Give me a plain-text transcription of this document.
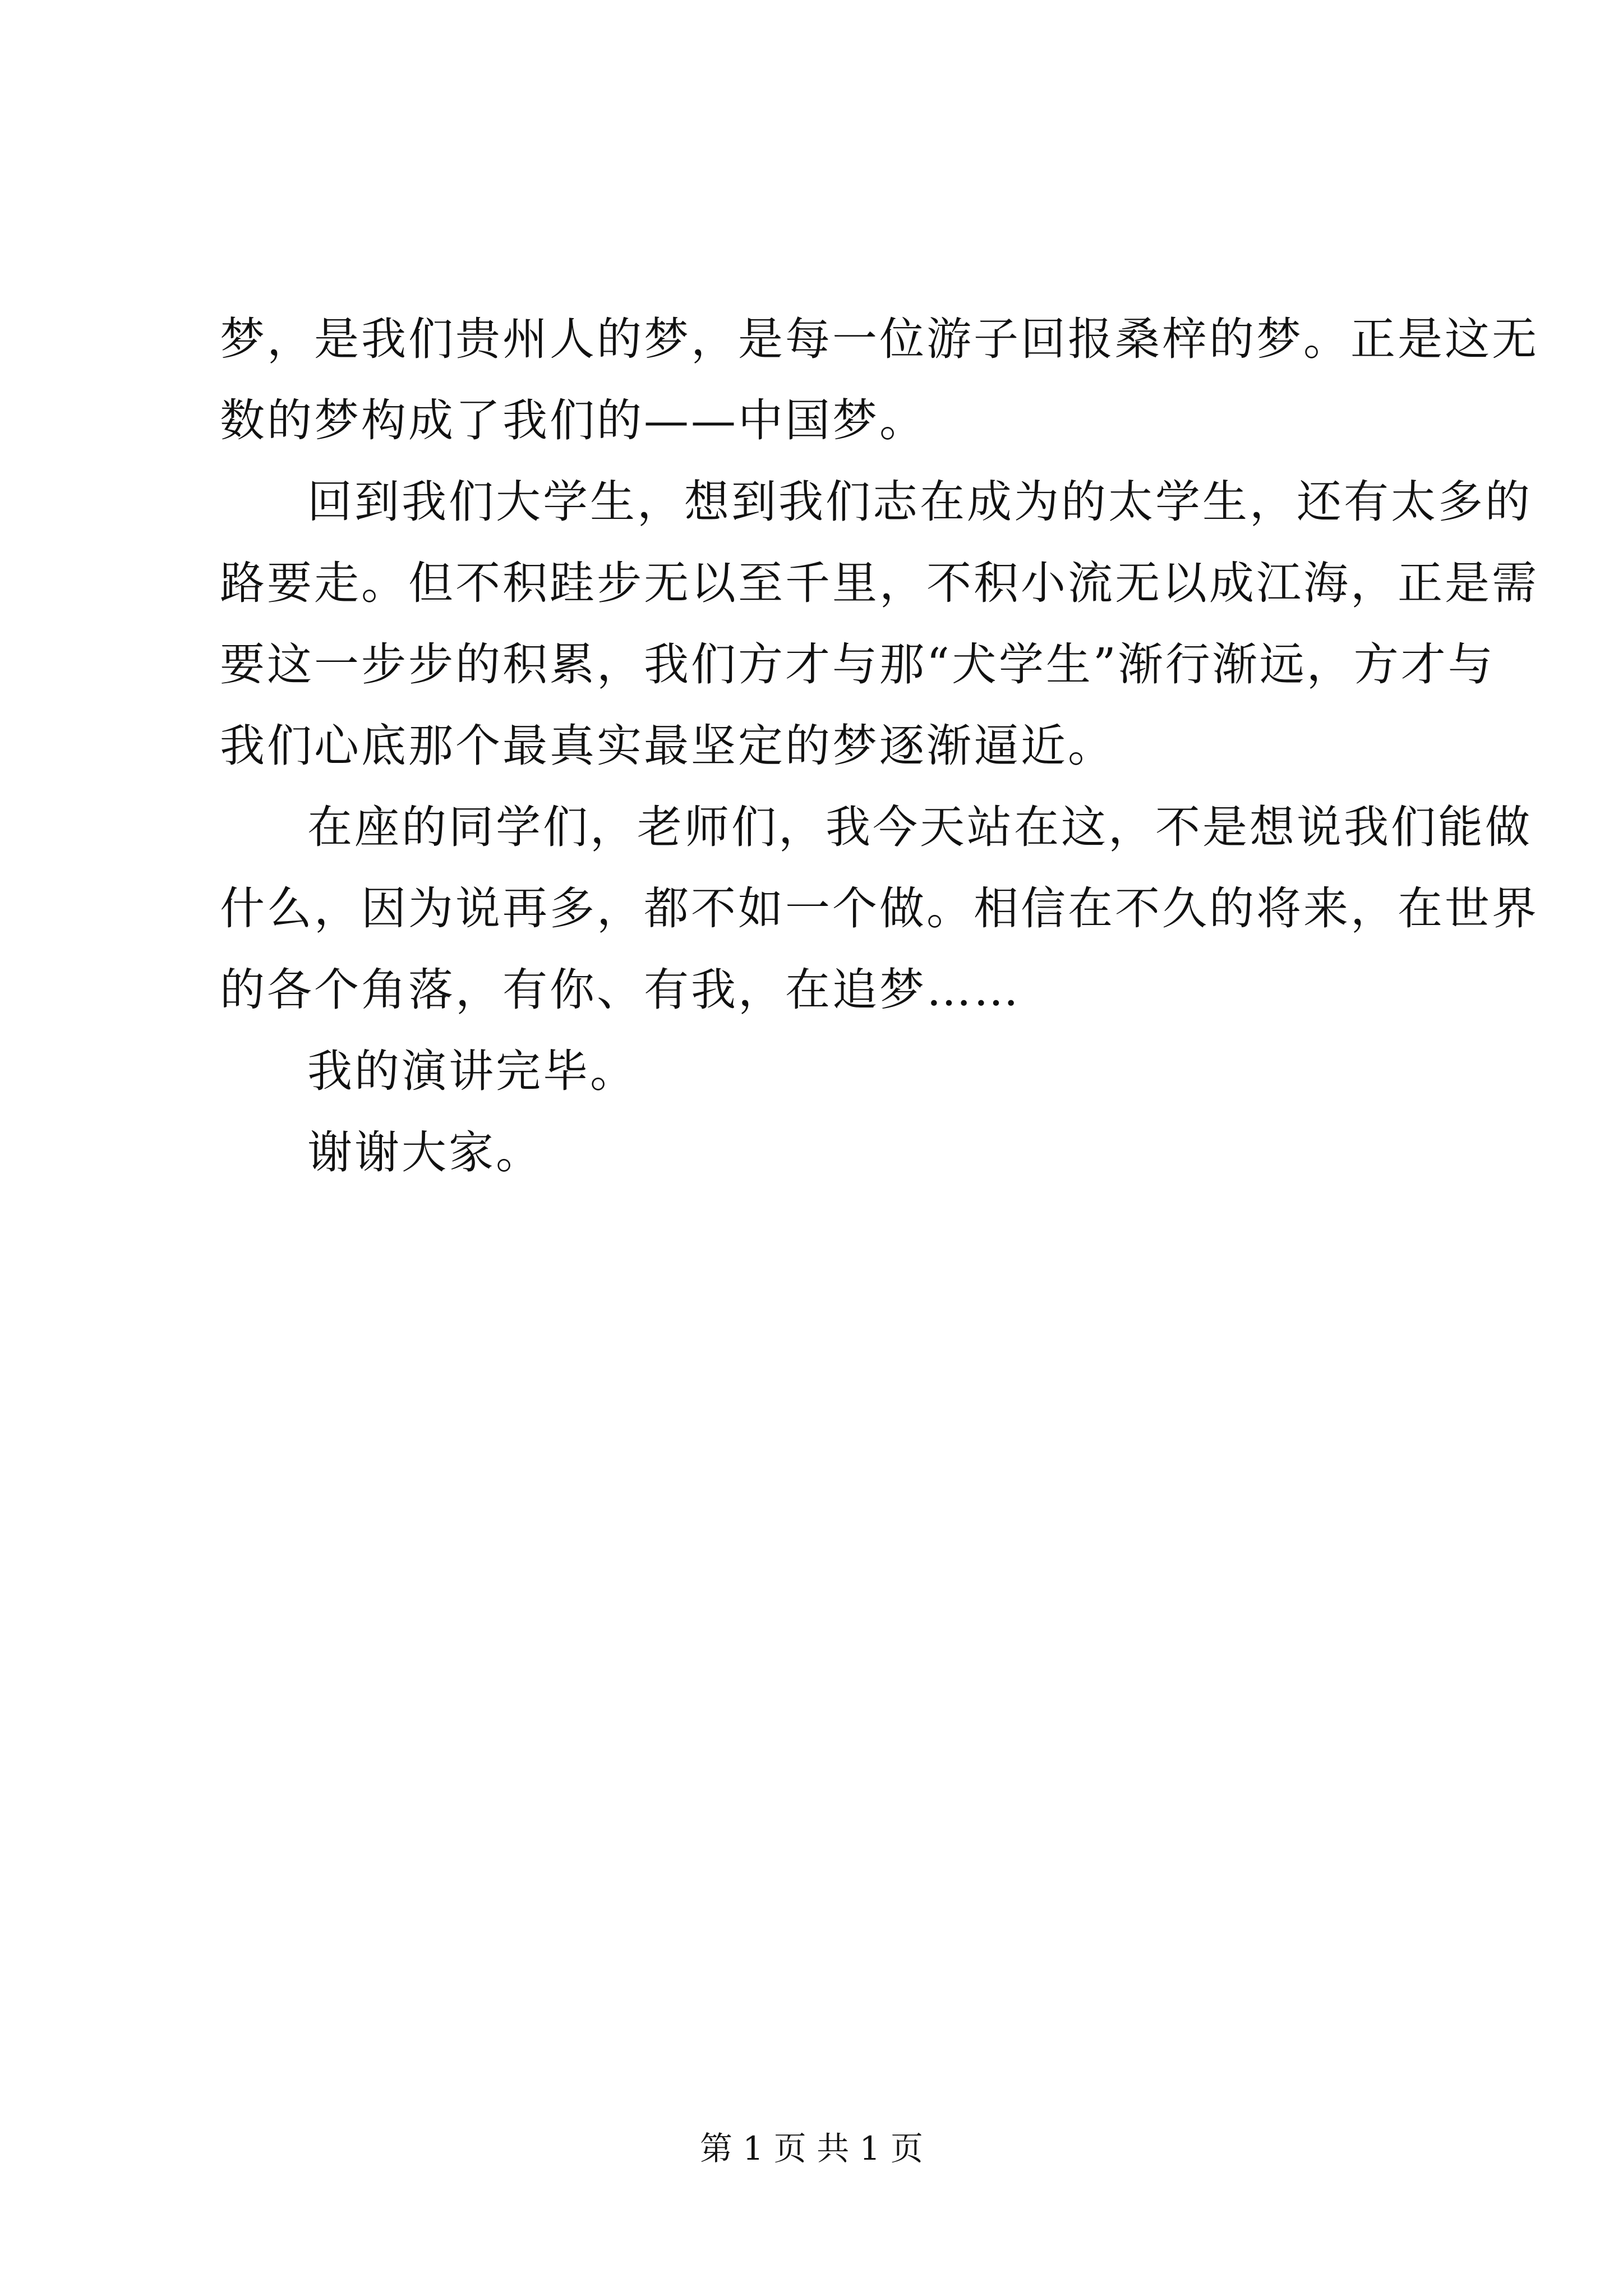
梦，是我们贵州人的梦，是每一位游子回报桑梓的梦。正是这无
数的梦构成了我们的——中国梦。
回到我们大学生，想到我们志在成为的太学生，还有太多的
路要走。但不积跬步无以至千里，不积小流无以成江海，正是需
要这一步步的积累，我们方才与那“犬学生”渐行渐远，方才与
我们心底那个最真实最坚定的梦逐渐逼近。
在座的同学们，老师们，我今天站在这，不是想说我们能做
什么，因为说再多，都不如一个做。相信在不久的将来，在世界
的各个角落，有你、有我，在追梦……
我的演讲完毕。
谢谢大家。
第 1 页 共 1 页
